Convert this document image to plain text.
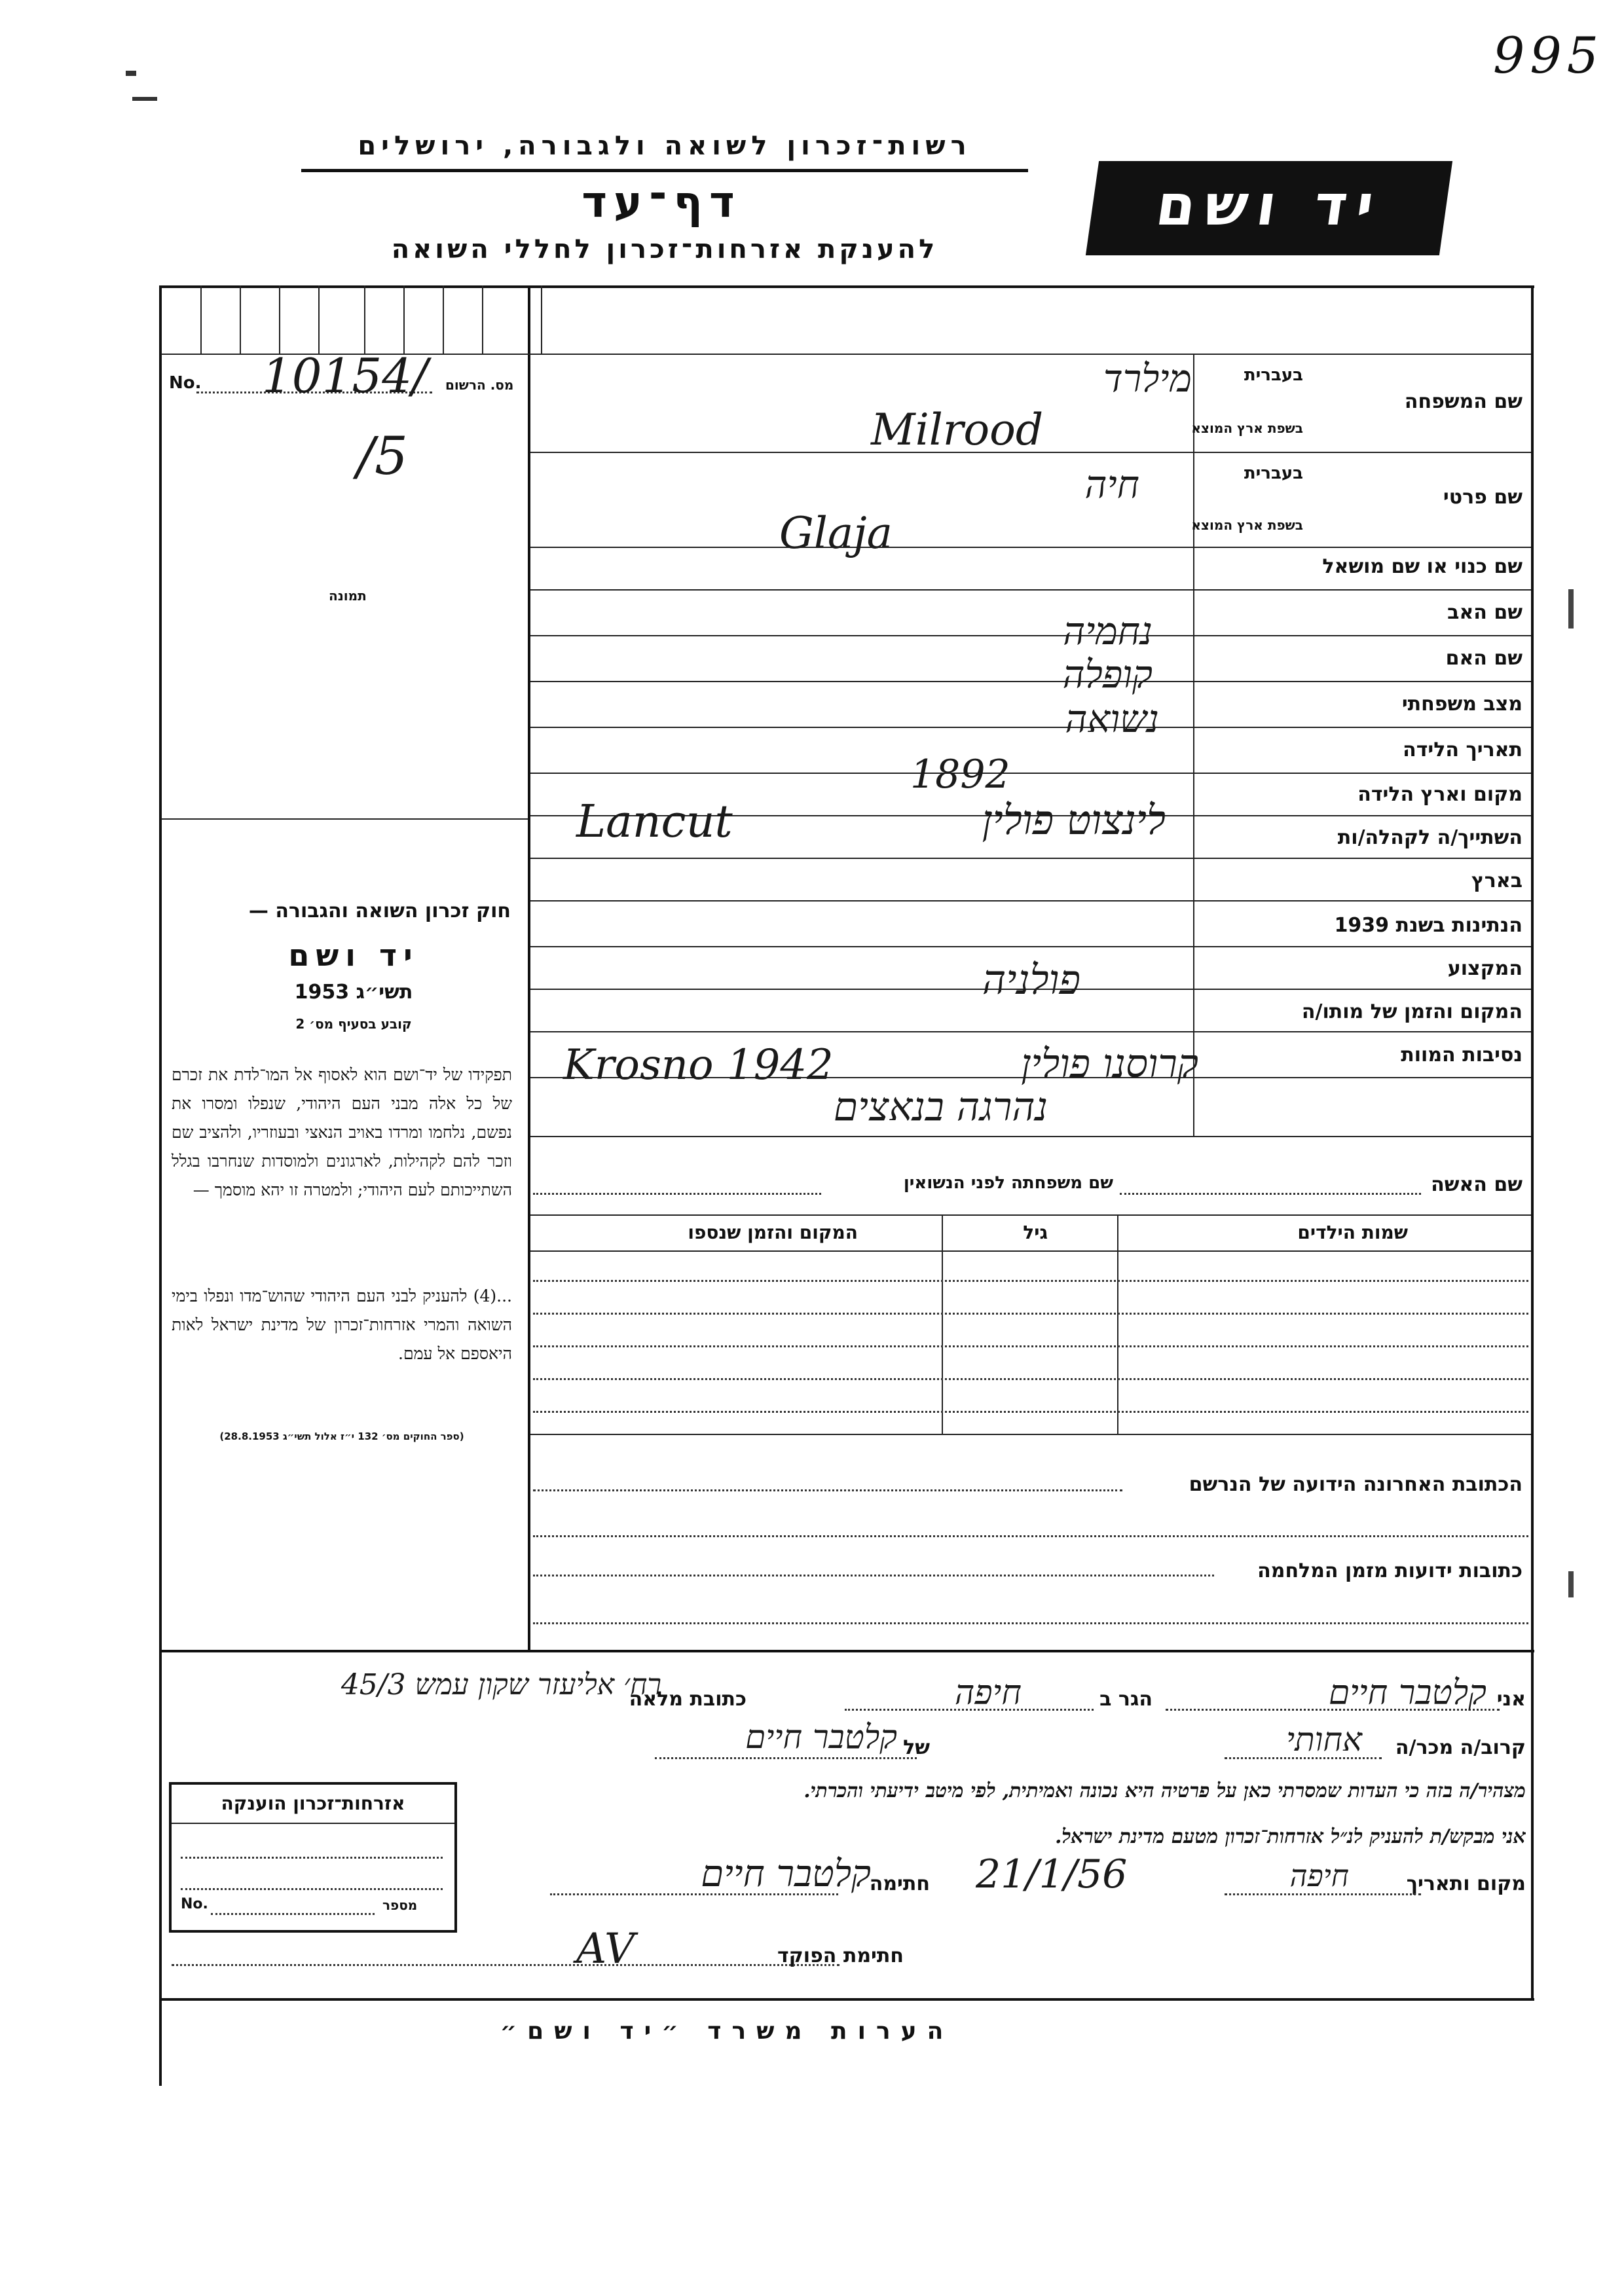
995
רשות־זכרון לשואה ולגבורה, ירושלים
דף־עד
להענקת אזרחות־זכרון לחללי השואה
יד ושם
No.	מס. הרשום
10154/
/5
תמונה
שם המשפחה
בעברית
בשפת ארץ המוצא
שם פרטי
בעברית
בשפת ארץ המוצא
שם כנוי או שם מושאל
שם האב
שם האם
מצב משפחתי
תאריך הלידה
מקום וארץ הלידה
השתייך/ה לקהלה/ות
בארץ
הנתינות בשנת 1939
המקצוע
המקום והזמן של מותו/ה
נסיבות המוות
שם האשה
שם משפחתה לפני הנשואין
שמות הילדים
גיל
המקום והזמן שנספו
הכתובת האחרונה הידועה של הנרשם
כתובות ידועות מזמן המלחמה
מילרד
Milrood
חיה
Glaja
נחמיה
קופלה
נשואה
1892
לינצוט פולין
Lancut
פולניה
קרוסנו פולין
Krosno 1942
נהרגה בנאצים
חוק זכרון השואה והגבורה —
יד ושם
תשי״ג 1953
קובע בסעיף מס׳ 2
תפקידו של יד־ושם הוא לאסוף אל המו־לדת את זכרם של כל אלה מבני העם היהודי, שנפלו ומסרו את נפשם, נלחמו ומרדו באויב הנאצי ובעוזריו, ולהציב שם וזכר להם לקהילות, לארגונים ולמוסדות שנחרבו בגלל השתייכותם לעם היהודי; ולמטרה זו יהא מוסמך —
...(4) להעניק לבני העם היהודי שהוש־מדו ונפלו בימי השואה והמרי אזרחות־זכרון של מדינת ישראל לאות היאספם אל עמם.
(ספר החוקים מס׳ 132 י״ז אלול תשי״ג 28.8.1953)
אני
קלטבר חיים
הגר ב
חיפה
כתובת מלאה
רח׳ אליעזר שקון עמש 45/3
קרוב/ה מכר/ה
אחותי
של
קלטבר חיים
מצהיר/ה בזה כי העדות שמסרתי כאן על פרטיה היא נכונה ואמיתית, לפי מיטב ידיעתי והכרתי.
אני מבקש/ת להעניק לנ״ל אזרחות־זכרון מטעם מדינת ישראל.
מקום ותאריך
חיפה
21/1/56
חתימה
קלטבר חיים
חתימת הפוקד
AV
אזרחות־זכרון הוענקה
No.	מספר
הערות משרד ״יד ושם״
